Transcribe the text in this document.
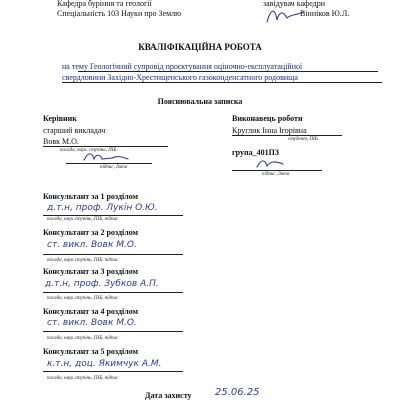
Кафедра буріння та геології
Спеціальність 103 Науки про Землю
завідувач кафедри
Вінніков Ю.Л.
КВАЛІФІКАЦІЙНА РОБОТА
на тему Геологічний супровід проєктування оціночно-експлуатаційної
свердловини Західно-Хрестищенського газоконденсатного родовища
Пояснювальна записка
Керівник
старший викладач
Вовк М.О.
посада, наук. ступінь, ПІБ
підпис, дата
Виконавець роботи
Круглик Інна Ігорівна
студент, ПІБ
група_401ПЗ
підпис, дата
Консультант за 1 розділом
д.т.н, проф. Лукін О.Ю.
посада, наук.ступінь, ПІБ, підпис
Консультант за 2 розділом
ст. викл. Вовк М.О.
посада, наук.ступінь, ПІБ, підпис
Консультант за 3 розділом
д.т.н, проф. Зубков А.П.
посада, наук.ступінь, ПІБ, підпис
Консультант за 4 розділом
ст. викл. Вовк М.О.
посада, наук.ступінь, ПІБ, підпис
Консультант за 5 розділом
к.т.н, доц. Якимчук А.М.
посада, наук.ступінь, ПІБ, підпис
Дата захисту 25.06.25
